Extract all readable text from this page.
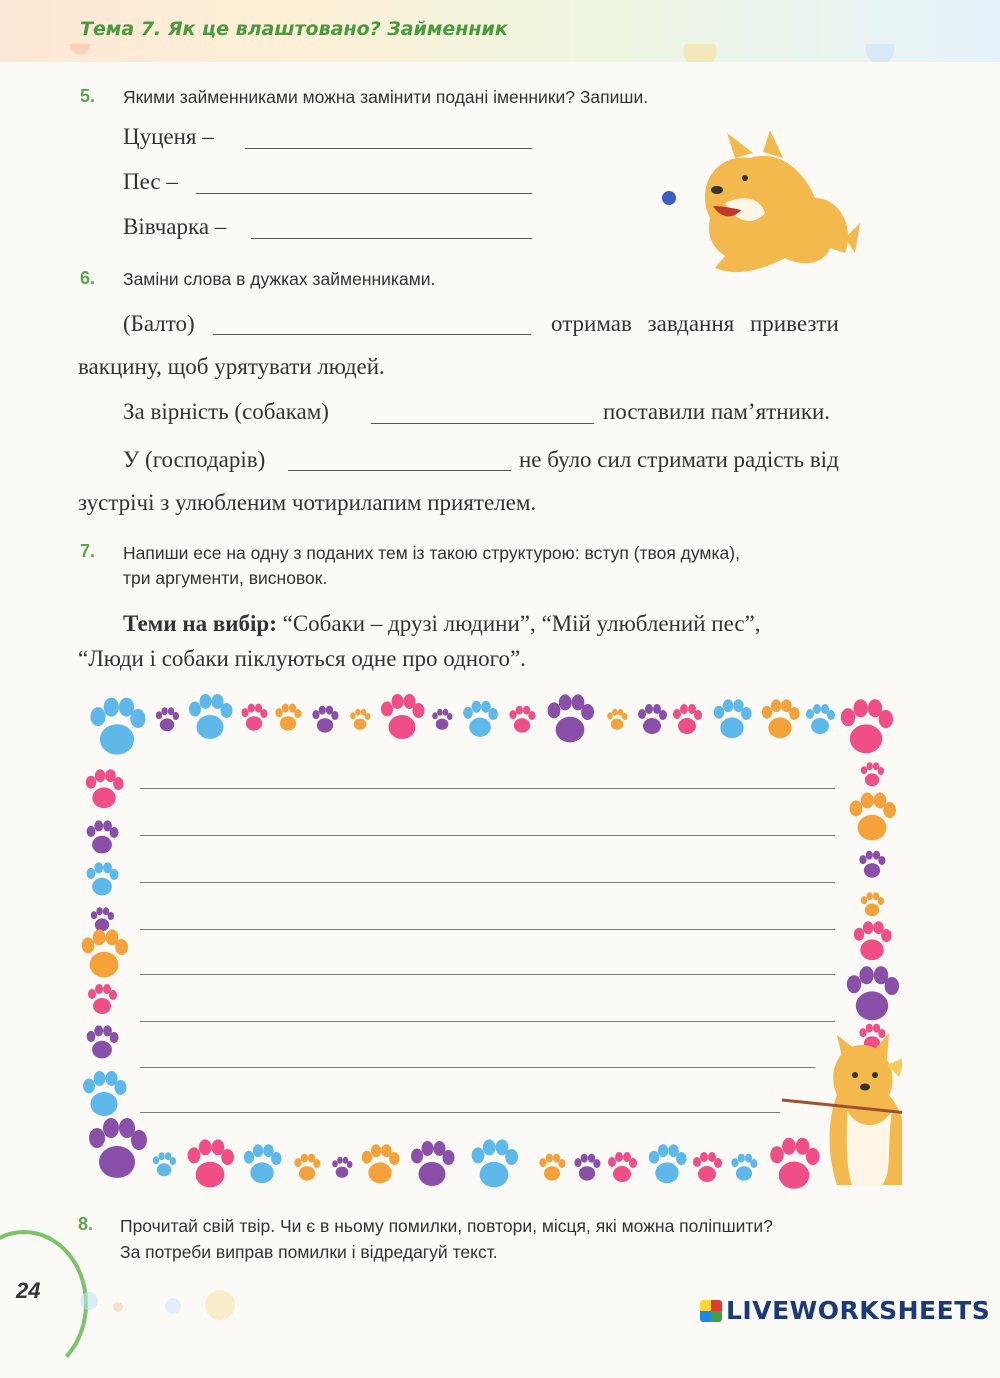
Тема 7. Як це влаштовано? Займенник
5. Якими займенниками можна замінити подані іменники? Запиши.
Цуценя –
Пес –
Вівчарка –
6. Заміни слова в дужках займенниками.
(Балто)	отримав завдання привезти
вакцину, щоб урятувати людей.
За вірність (собакам)	поставили пам’ятники.
У (господарів)	не було сил стримати радість від
зустрічі з улюбленим чотирилапим приятелем.
7. Напиши есе на одну з поданих тем із такою структурою: вступ (твоя думка),
три аргументи, висновок.
Теми на вибір: “Собаки – друзі людини”, “Мій улюблений пес”,
“Люди і собаки піклуються одне про одного”.
8. Прочитай свій твір. Чи є в ньому помилки, повтори, місця, які можна поліпшити?
За потреби виправ помилки і відредагуй текст.
24
LIVEWORKSHEETS
